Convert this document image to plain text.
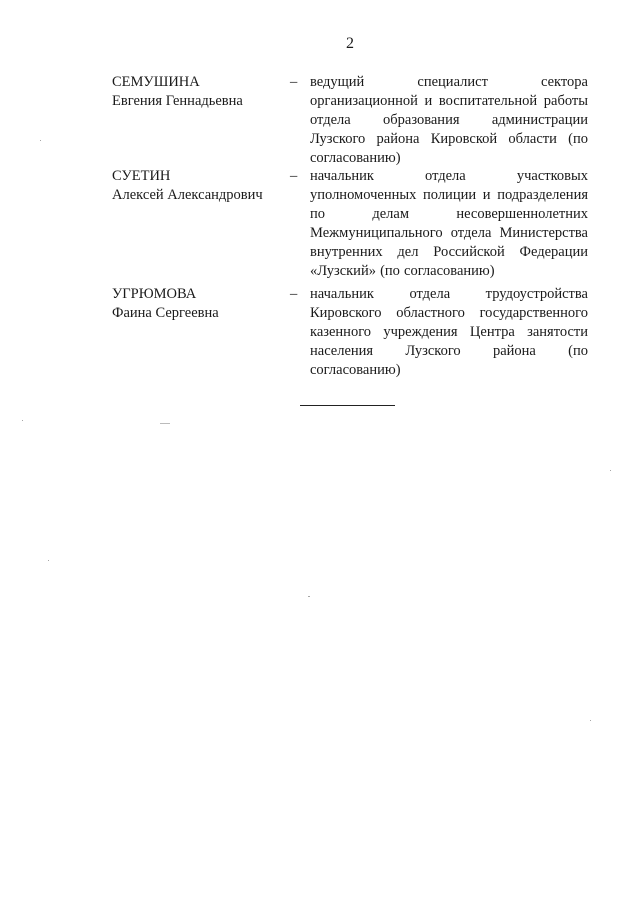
2
СЕМУШИНА
Евгения Геннадьевна
– ведущий специалист сектора организационной и воспитательной работы отдела образования администрации Лузского района Кировской области (по согласованию)
СУЕТИН
Алексей Александрович
– начальник отдела участковых уполномоченных полиции и подразделения по делам несовершеннолетних Межмуниципального отдела Министерства внутренних дел Российской Федерации «Лузский» (по согласованию)
УГРЮМОВА
Фаина Сергеевна
– начальник отдела трудоустройства Кировского областного государственного казенного учреждения Центра занятости населения Лузского района (по согласованию)
